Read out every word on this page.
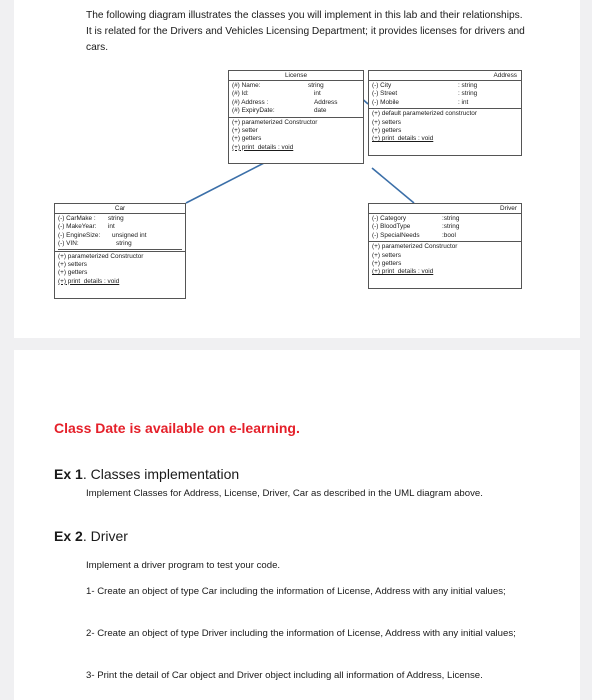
The following diagram illustrates the classes you will implement in this lab and their relationships. It is related for the Drivers and Vehicles Licensing Department; it provides licenses for drivers and cars.
License
(#) Name:	string
(#) Id:	int
(#) Address :	Address
(#) ExpiryDate:	date
(+) parameterized Constructor
(+) setter
(+) getters
(+) print_details : void
Address
(-) City	: string
(-) Street	: string
(-) Mobile	: int
(+) default parameterized constructor
(+) setters
(+) getters
(+) print_details : void
Car
(-) CarMake : string
(-) MakeYear: int
(-) EngineSize: unsigned int
(-) VIN:	string
(+) parameterized Constructor
(+) setters
(+) getters
(+) print_details : void
Driver
(-) Category	:string
(-) BloodType	:string
(-) SpecialNeeds	:bool
(+) parameterized Constructor
(+) setters
(+) getters
(+) print_details : void
Class Date is available on e-learning.
Ex 1. Classes implementation
Implement Classes for Address, License, Driver, Car as described in the UML diagram above.
Ex 2. Driver
Implement a driver program to test your code.
1- Create an object of type Car including the information of License, Address with any initial values;
2- Create an object of type Driver including the information of License, Address with any initial values;
3- Print the detail of Car object and Driver object including all information of Address, License.
